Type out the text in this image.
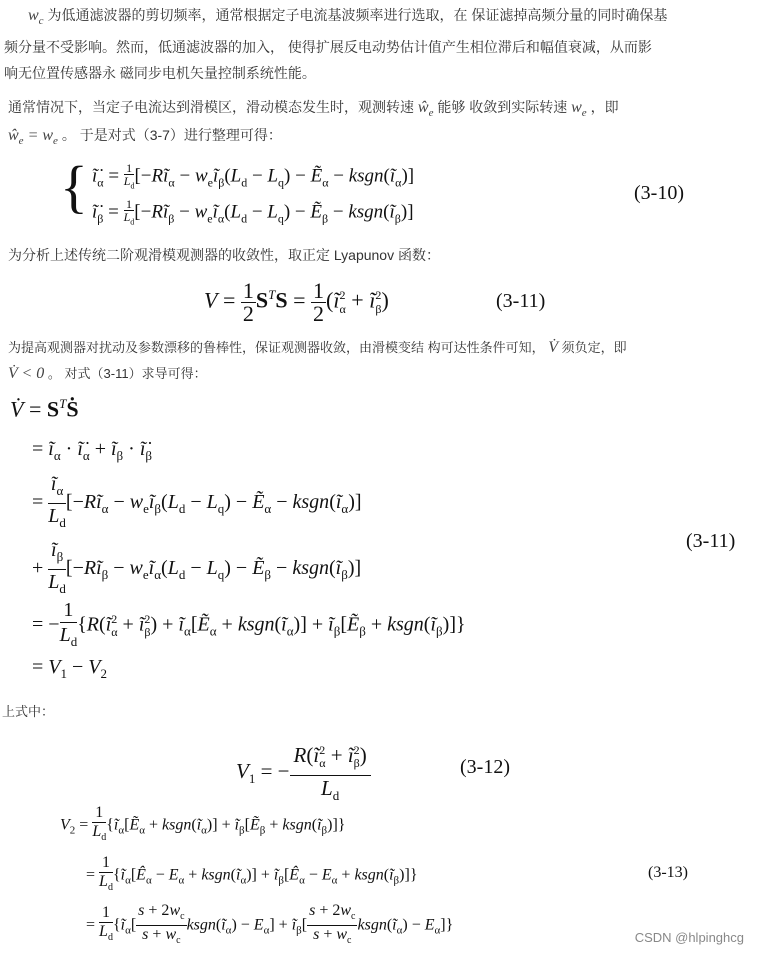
$w_c$ 为低通滤波器的剪切频率，通常根据定子电流基波频率进行选取，在 保证滤掉高频分量的同时确保基
频分量不受影响。然而，低通滤波器的加入， 使得扩展反电动势估计值产生相位滞后和幅值衰减，从而影
响无位置传感器永 磁同步电机矢量控制系统性能。
通常情况下，当定子电流达到滑模区，滑动模态发生时，观测转速 $ŵ_e$ 能够 收敛到实际转速 $w_e$ ，即
$ŵ_e = w_e$ 。 于是对式（3-7）进行整理可得：
{ $ĩ̇_\alpha = \frac{1}{L_d}$ [$-Rĩ_\alpha$ − $w_eĩ_\beta(L_d - L_q)$ − Ẽ$_\alpha$ − $ksgn(ĩ_\alpha)$]
$ĩ̇_\beta = \frac{1}{L_d}$ [$-Rĩ_\beta$ − $w_eĩ_\alpha(L_d - L_q)$ − Ẽ$_\beta$ − $ksgn(ĩ_\beta)$]
(3-10)
为分析上述传统二阶观滑模观测器的收敛性，取正定 Lyapunov 函数：
$V = \frac{1}{2} S^TS = \frac{1}{2}$ ($ĩ^2_\alpha$ + $ĩ^2_\beta$)	(3-11)
为提高观测器对扰动及参数漂移的鲁棒性，保证观测器收敛，由滑模变结 构可达性条件可知， V̇ 须负定，即
V̇ < 0 。 对式（3-11）求导可得：
V̇ = $S^TṠ$
= $ĩ_\alpha$ · $ĩ̇_\alpha$ + $ĩ_\beta$ · $ĩ̇_\beta$
= $\frac{ĩ_\alpha}{L_d}$ [$-Rĩ_\alpha$ − $w_eĩ_\beta(L_d - L_q)$ − Ẽ$_\alpha$ − $ksgn(ĩ_\alpha)$]
+ $\frac{ĩ_\beta}{L_d}$ [$-Rĩ_\beta$ − $w_eĩ_\alpha(L_d - L_q)$ − Ẽ$_\beta$ − $ksgn(ĩ_\beta)$]
(3-11)
= − $\frac{1}{L_d}$ {$R(ĩ^2_\alpha$ + $ĩ^2_\beta$) + $ĩ_\alpha[Ẽ_\alpha$ + $ksgn(ĩ_\alpha)$] + $ĩ_\beta[Ẽ_\beta$ + $ksgn(ĩ_\beta)$]}
= $V_1 - V_2$
上式中：
$V_1$ = − $\frac{R(ĩ^2_\alpha + ĩ^2_\beta)}{L_d}$	(3-12)
$V_2 = \frac{1}{L_d}$ {$ĩ_\alpha[Ẽ_\alpha$ + $ksgn(ĩ_\alpha)$] + $ĩ_\beta[Ẽ_\beta$ + $ksgn(ĩ_\beta)$]}
= $\frac{1}{L_d}$ {$ĩ_\alpha[Ê_\alpha - E_\alpha$ + $ksgn(ĩ_\alpha)$] + $ĩ_\beta[Ê_\alpha - E_\alpha$ + $ksgn(ĩ_\beta)$]}	(3-13)
= $\frac{1}{L_d}$ {$ĩ_\alpha[ \frac{s + 2w_c}{s + w_c}$ $ksgn(ĩ_\alpha) - E_\alpha$] + $ĩ_\beta[ \frac{s + 2w_c}{s + w_c}$ $ksgn(ĩ_\alpha) - E_\alpha$]}
CSDN @hlpinghcg
